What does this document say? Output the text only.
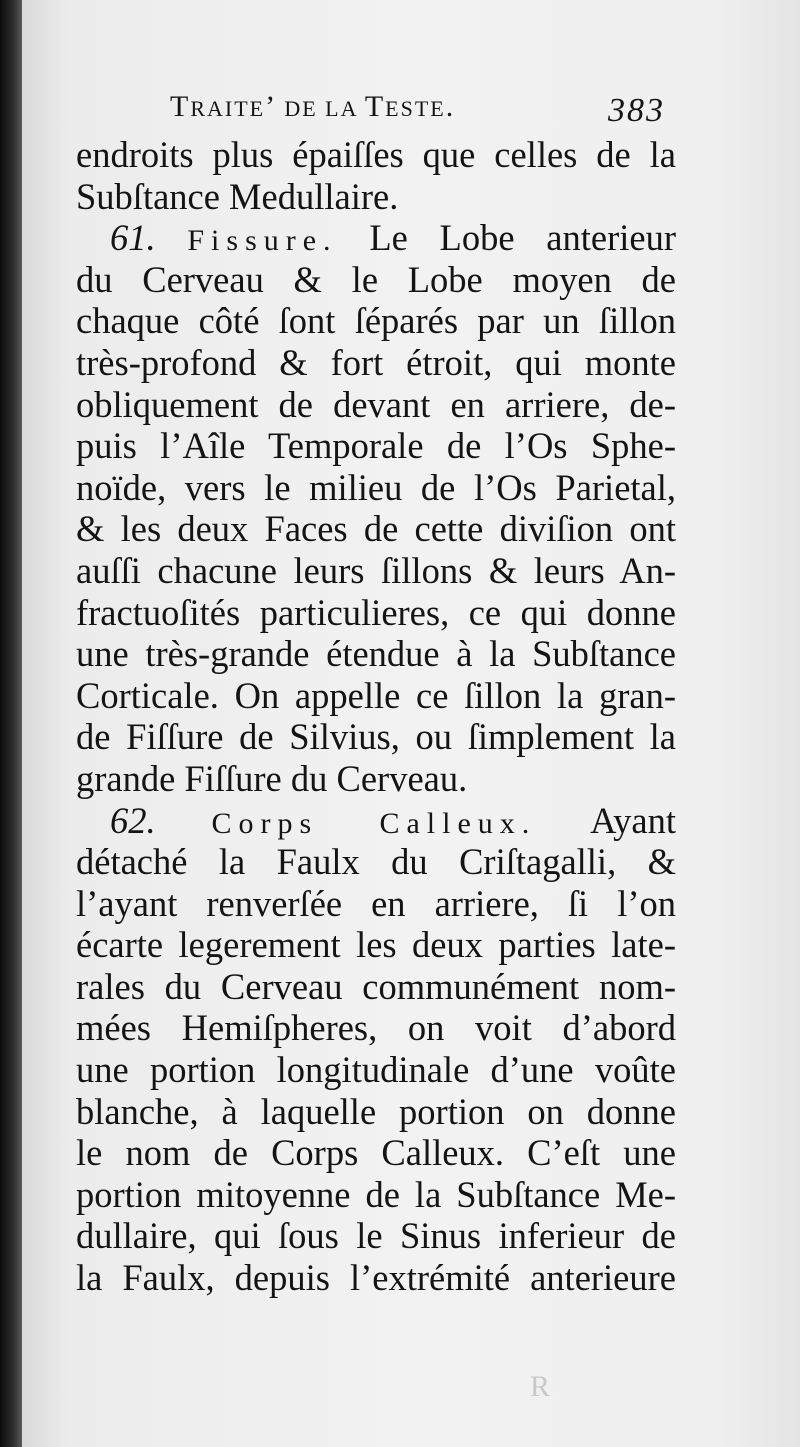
TRAITE’ DE LA TESTE.	383
endroits plus épaiſſes que celles de la
Subſtance Medullaire.
61. Fissure. Le Lobe anterieur
du Cerveau & le Lobe moyen de
chaque côté ſont ſéparés par un ſillon
très-profond & fort étroit, qui monte
obliquement de devant en arriere, de-
puis l’Aîle Temporale de l’Os Sphe-
noïde, vers le milieu de l’Os Parietal,
& les deux Faces de cette diviſion ont
auſſi chacune leurs ſillons & leurs An-
fractuoſités particulieres, ce qui donne
une très-grande étendue à la Subſtance
Corticale. On appelle ce ſillon la gran-
de Fiſſure de Silvius, ou ſimplement la
grande Fiſſure du Cerveau.
62. Corps Calleux. Ayant
détaché la Faulx du Criſtagalli, &
l’ayant renverſée en arriere, ſi l’on
écarte legerement les deux parties late-
rales du Cerveau communément nom-
mées Hemiſpheres, on voit d’abord
une portion longitudinale d’une voûte
blanche, à laquelle portion on donne
le nom de Corps Calleux. C’eſt une
portion mitoyenne de la Subſtance Me-
dullaire, qui ſous le Sinus inferieur de
la Faulx, depuis l’extrémité anterieure
R
